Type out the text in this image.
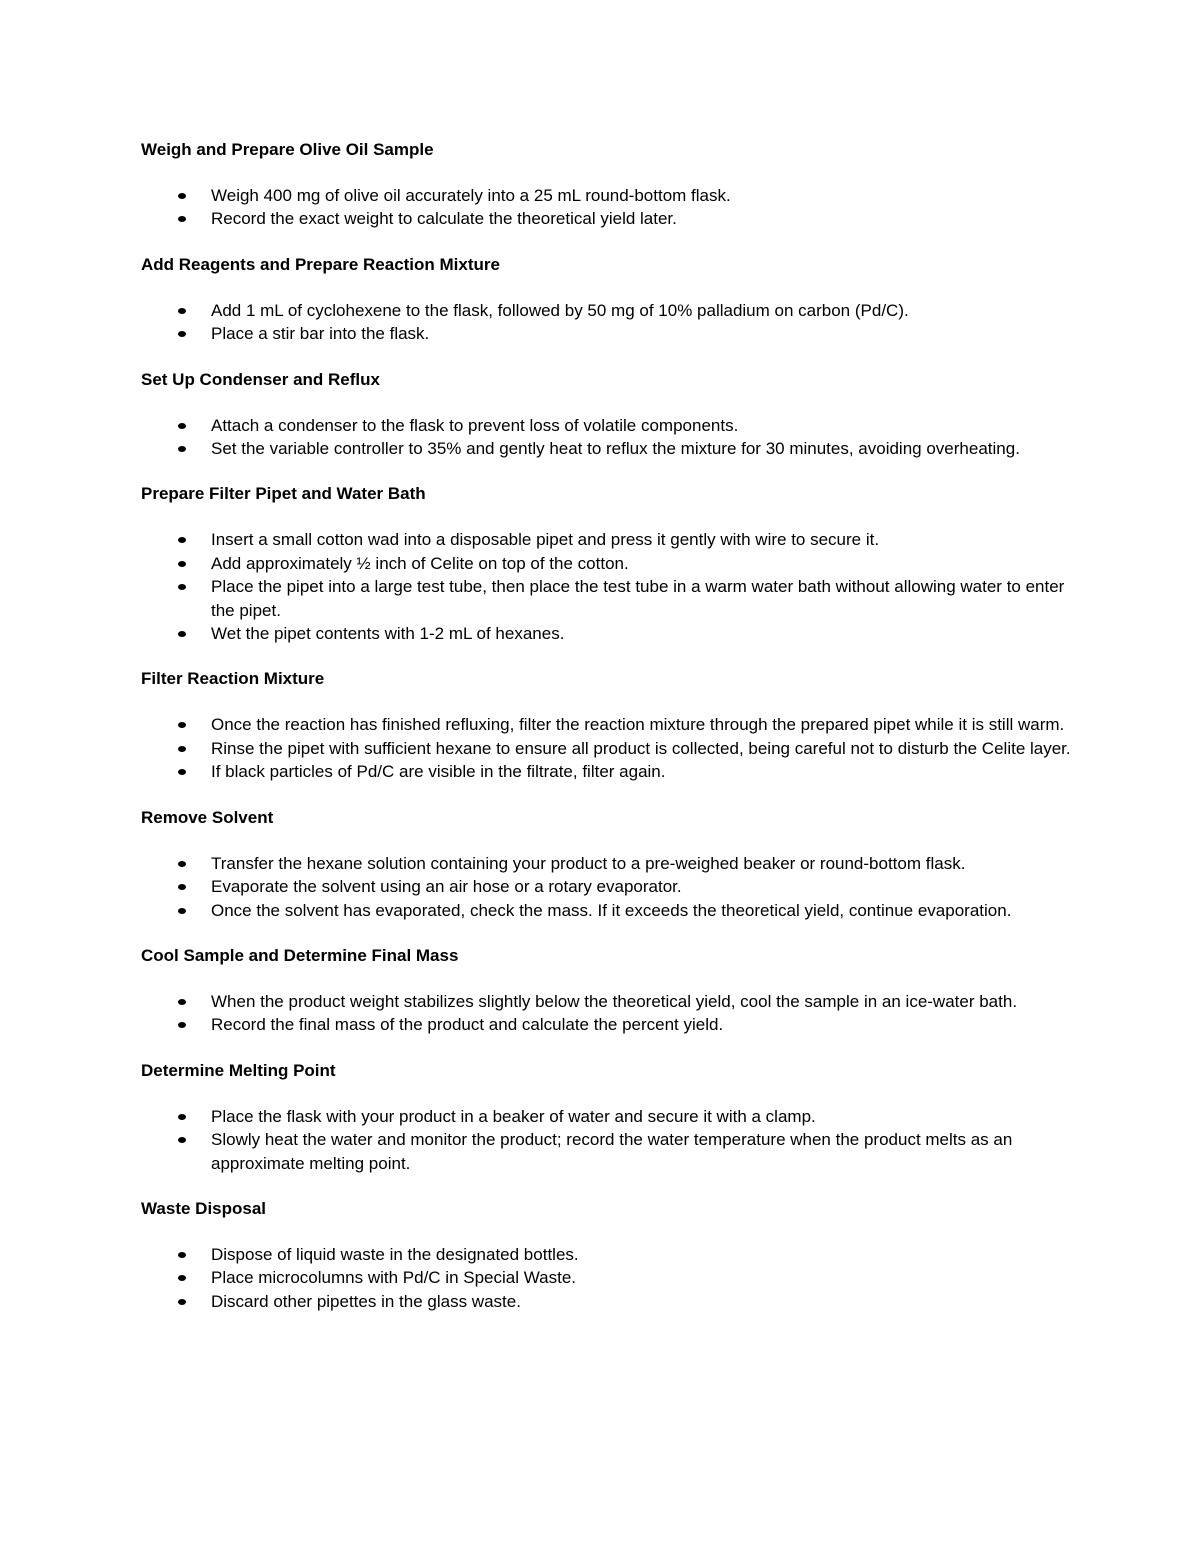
Weigh and Prepare Olive Oil Sample
Weigh 400 mg of olive oil accurately into a 25 mL round-bottom flask.
Record the exact weight to calculate the theoretical yield later.
Add Reagents and Prepare Reaction Mixture
Add 1 mL of cyclohexene to the flask, followed by 50 mg of 10% palladium on carbon (Pd/C).
Place a stir bar into the flask.
Set Up Condenser and Reflux
Attach a condenser to the flask to prevent loss of volatile components.
Set the variable controller to 35% and gently heat to reflux the mixture for 30 minutes, avoiding overheating.
Prepare Filter Pipet and Water Bath
Insert a small cotton wad into a disposable pipet and press it gently with wire to secure it.
Add approximately ½ inch of Celite on top of the cotton.
Place the pipet into a large test tube, then place the test tube in a warm water bath without allowing water to enter the pipet.
Wet the pipet contents with 1-2 mL of hexanes.
Filter Reaction Mixture
Once the reaction has finished refluxing, filter the reaction mixture through the prepared pipet while it is still warm.
Rinse the pipet with sufficient hexane to ensure all product is collected, being careful not to disturb the Celite layer.
If black particles of Pd/C are visible in the filtrate, filter again.
Remove Solvent
Transfer the hexane solution containing your product to a pre-weighed beaker or round-bottom flask.
Evaporate the solvent using an air hose or a rotary evaporator.
Once the solvent has evaporated, check the mass. If it exceeds the theoretical yield, continue evaporation.
Cool Sample and Determine Final Mass
When the product weight stabilizes slightly below the theoretical yield, cool the sample in an ice-water bath.
Record the final mass of the product and calculate the percent yield.
Determine Melting Point
Place the flask with your product in a beaker of water and secure it with a clamp.
Slowly heat the water and monitor the product; record the water temperature when the product melts as an approximate melting point.
Waste Disposal
Dispose of liquid waste in the designated bottles.
Place microcolumns with Pd/C in Special Waste.
Discard other pipettes in the glass waste.
